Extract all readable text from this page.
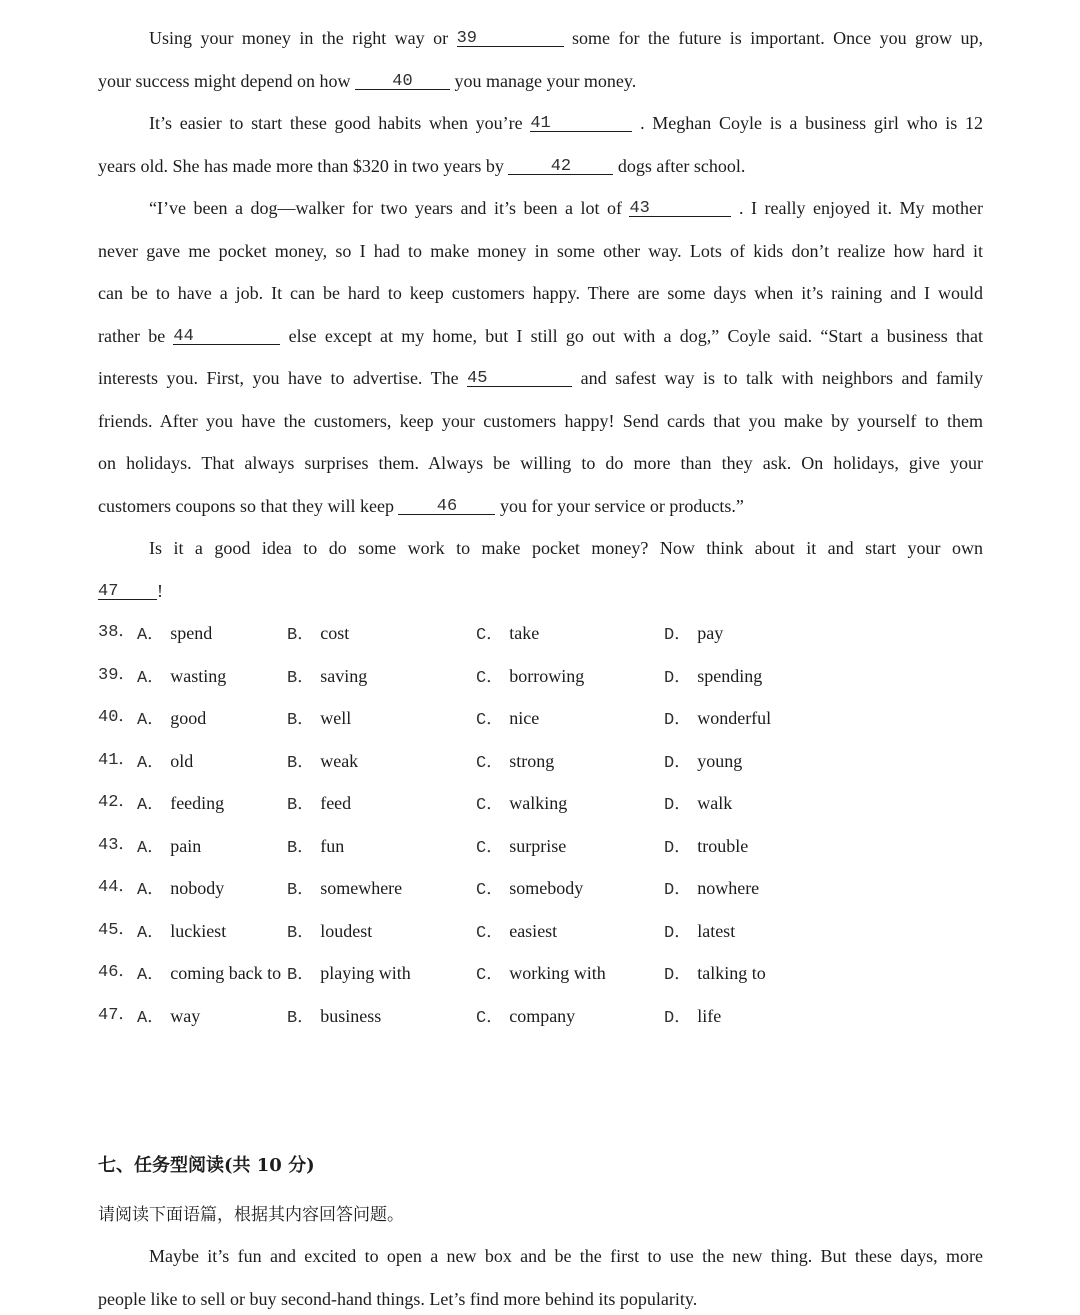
Using your money in the right way or 39	some for the future is important. Once you grow up,
your success might depend on how 40 you manage your money.
It’s easier to start these good habits when you’re 41	. Meghan Coyle is a business girl who is 12
years old. She has made more than $320 in two years by	42	dogs after school.
“I’ve been a dog—walker for two years and it’s been a lot of 43	. I really enjoyed it. My mother
never gave me pocket money, so I had to make money in some other way. Lots of kids don’t realize how hard it
can be to have a job. It can be hard to keep customers happy. There are some days when it’s raining and I would
rather be 44	else except at my home, but I still go out with a dog,” Coyle said. “Start a business that
interests you. First, you have to advertise. The 45	and safest way is to talk with neighbors and family
friends. After you have the customers, keep your customers happy! Send cards that you make by yourself to them
on holidays. That always surprises them. Always be willing to do more than they ask. On holidays, give your
customers coupons so that they will keep	46 you for your service or products.”
Is it a good idea to do some work to make pocket money? Now think about it and start your own
47 !
38． A． spend	B． cost	C． take	D． pay
39． A． wasting	B． saving	C． borrowing	D． spending
40． A． good	B． well	C． nice	D． wonderful
41． A． old	B． weak	C． strong	D． young
42． A． feeding	B． feed	C． walking	D． walk
43． A． pain	B． fun	C． surprise	D． trouble
44． A． nobody	B． somewhere	C． somebody	D． nowhere
45． A． luckiest	B． loudest	C． easiest	D． latest
46． A． coming back to B． playing with	C． working with	D． talking to
47． A． way	B． business	C． company	D． life
七、任务型阅读(共 10 分)
请阅读下面语篇，根据其内容回答问题。
Maybe it’s fun and excited to open a new box and be the first to use the new thing. But these days, more
people like to sell or buy second-hand things. Let’s find more behind its popularity.
